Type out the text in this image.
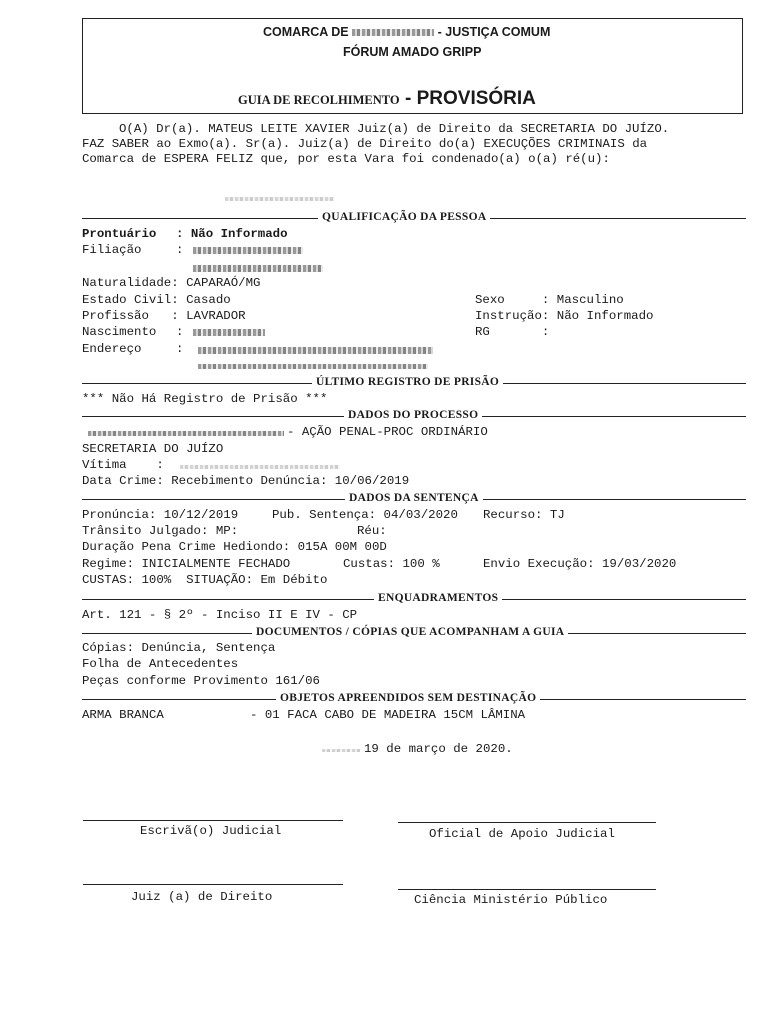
COMARCA DE	- JUSTIÇA COMUM
FÓRUM AMADO GRIPP
GUIA DE RECOLHIMENTO - PROVISÓRIA
O(A) Dr(a). MATEUS LEITE XAVIER Juiz(a) de Direito da SECRETARIA DO JUÍZO.
FAZ SABER ao Exmo(a). Sr(a). Juiz(a) de Direito do(a) EXECUÇÕES CRIMINAIS da
Comarca de ESPERA FELIZ que, por esta Vara foi condenado(a) o(a) ré(u):
QUALIFICAÇÃO DA PESSOA
Prontuário : Não Informado
Filiação	:
Naturalidade: CAPARAÓ/MG
Estado Civil: Casado
Profissão   : LAVRADOR
Nascimento :
Endereço	:
Sexo     : Masculino
Instrução: Não Informado
RG       :
ÚLTIMO REGISTRO DE PRISÃO
*** Não Há Registro de Prisão ***
DADOS DO PROCESSO
- AÇÃO PENAL-PROC ORDINÁRIO
SECRETARIA DO JUÍZO
Vítima    :
Data Crime: Recebimento Denúncia: 10/06/2019
DADOS DA SENTENÇA
Pronúncia: 10/12/2019	Pub. Sentença: 04/03/2020 Recurso: TJ
Trânsito Julgado: MP:	Réu:
Duração Pena Crime Hediondo: 015A 00M 00D
Regime: INICIALMENTE FECHADO	Custas: 100 %	Envio Execução: 19/03/2020
CUSTAS: 100%  SITUAÇÃO: Em Débito
ENQUADRAMENTOS
Art. 121 - § 2º - Inciso II E IV - CP
DOCUMENTOS / CÓPIAS QUE ACOMPANHAM A GUIA
Cópias: Denúncia, Sentença
Folha de Antecedentes
Peças conforme Provimento 161/06
OBJETOS APREENDIDOS SEM DESTINAÇÃO
ARMA BRANCA	- 01 FACA CABO DE MADEIRA 15CM LÂMINA
19 de março de 2020.
Escrivã(o) Judicial	Oficial de Apoio Judicial
Juiz (a) de Direito	Ciência Ministério Público
